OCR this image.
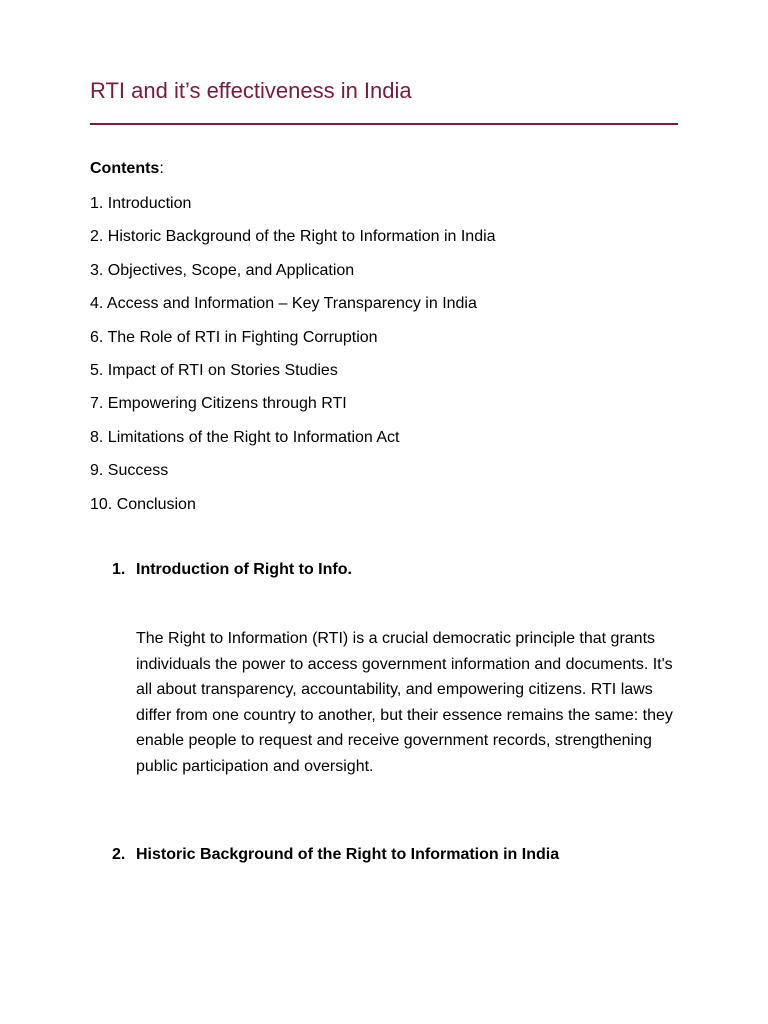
RTI and it’s effectiveness in India
Contents:
1. Introduction
2. Historic Background of the Right to Information in India
3. Objectives, Scope, and Application
4. Access and Information – Key Transparency in India
6. The Role of RTI in Fighting Corruption
5. Impact of RTI on Stories Studies
7. Empowering Citizens through RTI
8. Limitations of the Right to Information Act
9. Success
10. Conclusion
1. Introduction of Right to Info.

The Right to Information (RTI) is a crucial democratic principle that grants individuals the power to access government information and documents. It's all about transparency, accountability, and empowering citizens. RTI laws differ from one country to another, but their essence remains the same: they enable people to request and receive government records, strengthening public participation and oversight.

2. Historic Background of the Right to Information in India
